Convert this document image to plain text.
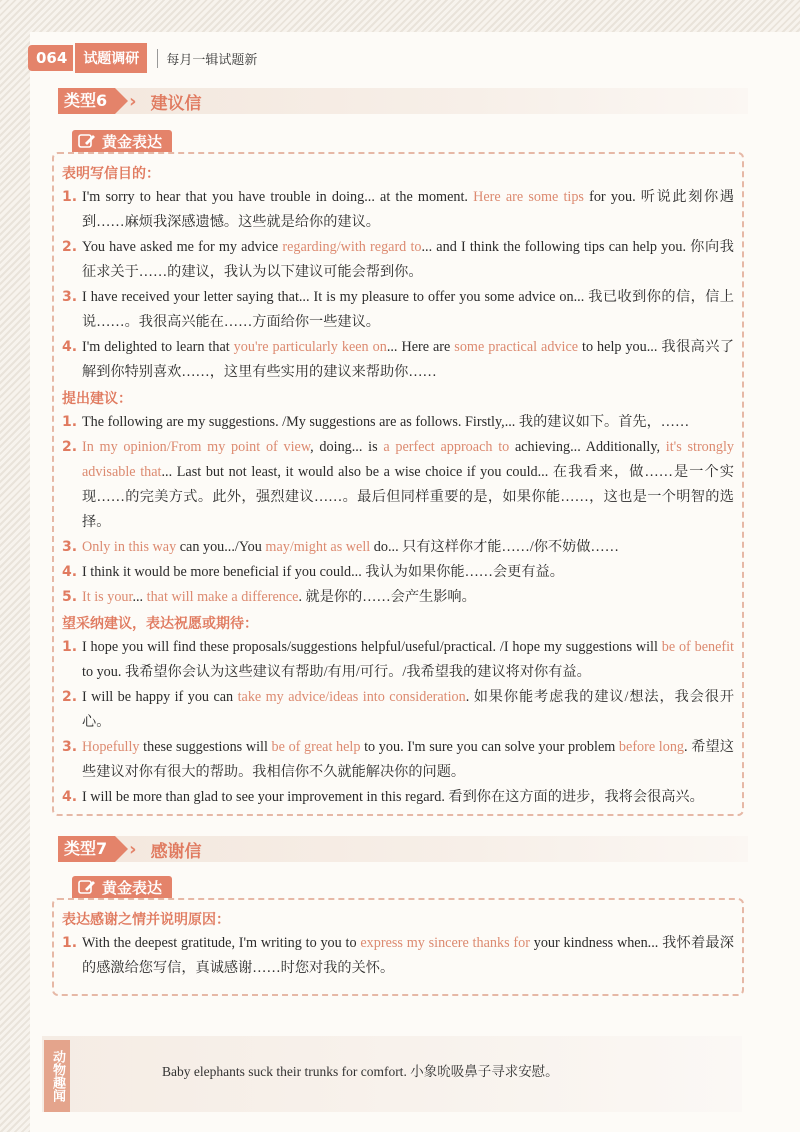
064	试题调研	每月一辑试题新
类型6	› 建议信
黄金表达
表明写信目的：
1. I'm sorry to hear that you have trouble in doing... at the moment. Here are some tips for you. 听说此刻你遇到……麻烦我深感遗憾。这些就是给你的建议。
2. You have asked me for my advice regarding/with regard to... and I think the following tips can help you. 你向我征求关于……的建议，我认为以下建议可能会帮到你。
3. I have received your letter saying that... It is my pleasure to offer you some advice on... 我已收到你的信，信上说……。我很高兴能在……方面给你一些建议。
4. I'm delighted to learn that you're particularly keen on... Here are some practical advice to help you... 我很高兴了解到你特别喜欢……，这里有些实用的建议来帮助你……
提出建议：
1. The following are my suggestions. /My suggestions are as follows. Firstly,... 我的建议如下。首先，……
2. In my opinion/From my point of view, doing... is a perfect approach to achieving... Additionally, it's strongly advisable that... Last but not least, it would also be a wise choice if you could... 在我看来，做……是一个实现……的完美方式。此外，强烈建议……。最后但同样重要的是，如果你能……，这也是一个明智的选择。
3. Only in this way can you.../You may/might as well do... 只有这样你才能……/你不妨做……
4. I think it would be more beneficial if you could... 我认为如果你能……会更有益。
5. It is your... that will make a difference. 就是你的……会产生影响。
望采纳建议，表达祝愿或期待：
1. I hope you will find these proposals/suggestions helpful/useful/practical. /I hope my suggestions will be of benefit to you. 我希望你会认为这些建议有帮助/有用/可行。/我希望我的建议将对你有益。
2. I will be happy if you can take my advice/ideas into consideration. 如果你能考虑我的建议/想法，我会很开心。
3. Hopefully these suggestions will be of great help to you. I'm sure you can solve your problem before long. 希望这些建议对你有很大的帮助。我相信你不久就能解决你的问题。
4. I will be more than glad to see your improvement in this regard. 看到你在这方面的进步，我将会很高兴。
类型7	› 感谢信
黄金表达
表达感谢之情并说明原因：
1. With the deepest gratitude, I'm writing to you to express my sincere thanks for your kindness when... 我怀着最深的感激给您写信，真诚感谢……时您对我的关怀。
动物趣闻	Baby elephants suck their trunks for comfort. 小象吮吸鼻子寻求安慰。
